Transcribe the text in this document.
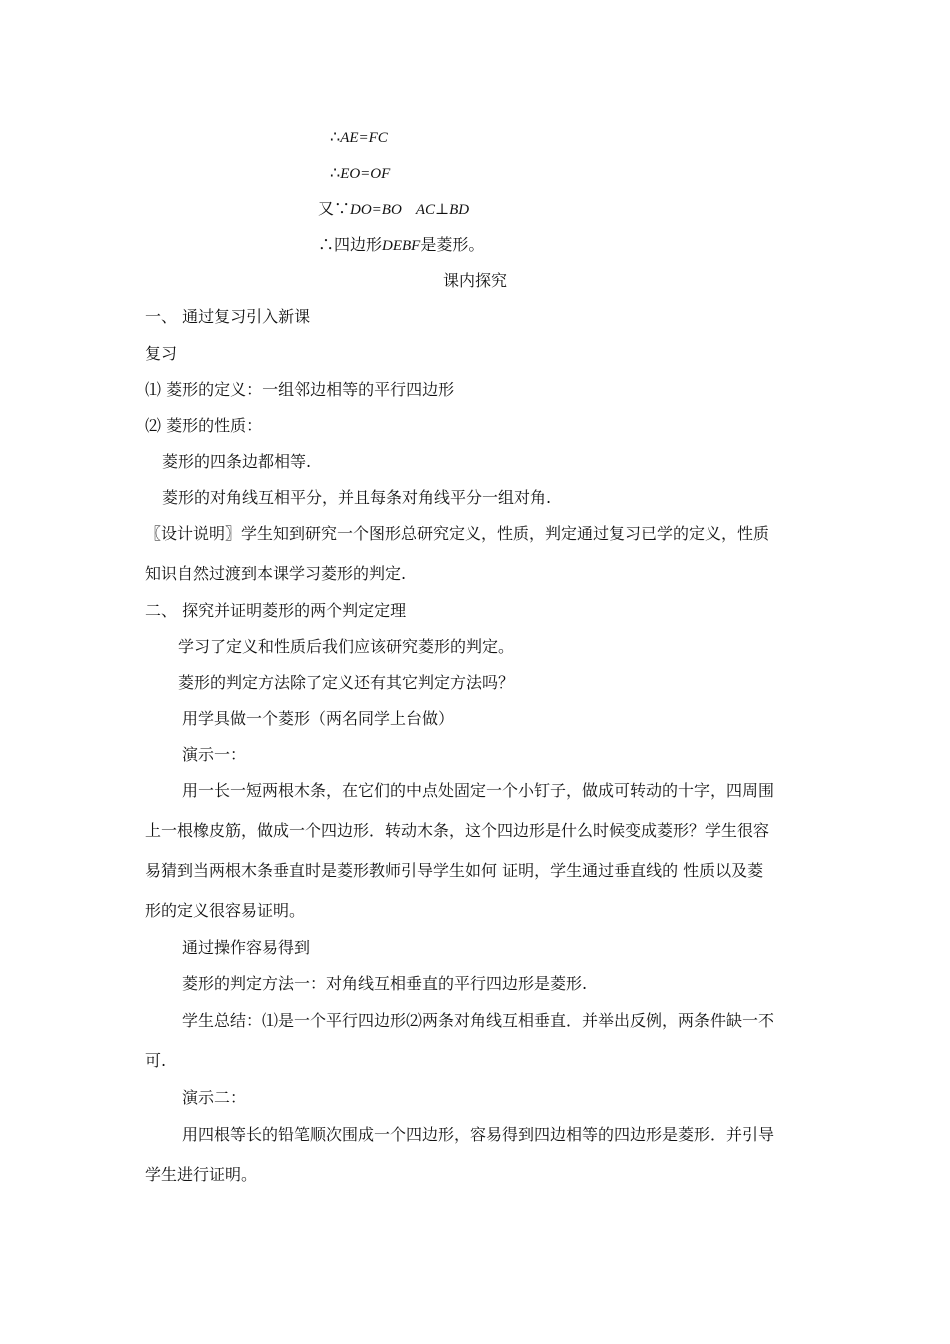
∴AE=FC
∴EO=OF
又∵DO=BO AC⊥BD
∴四边形DEBF是菱形。
课内探究
一、 通过复习引入新课
复习
⑴ 菱形的定义：一组邻边相等的平行四边形
⑵ 菱形的性质：
菱形的四条边都相等.
菱形的对角线互相平分，并且每条对角线平分一组对角.
〖设计说明〗学生知到研究一个图形总研究定义，性质，判定通过复习已学的定义，性质
知识自然过渡到本课学习菱形的判定.
二、 探究并证明菱形的两个判定定理
学习了定义和性质后我们应该研究菱形的判定。
菱形的判定方法除了定义还有其它判定方法吗？
用学具做一个菱形（两名同学上台做）
演示一：
用一长一短两根木条，在它们的中点处固定一个小钉子，做成可转动的十字，四周围
上一根橡皮筋，做成一个四边形．转动木条，这个四边形是什么时候变成菱形？学生很容
易猜到当两根木条垂直时是菱形教师引导学生如何 证明，学生通过垂直线的 性质以及菱
形的定义很容易证明。
通过操作容易得到
菱形的判定方法一：对角线互相垂直的平行四边形是菱形.
学生总结：⑴是一个平行四边形⑵两条对角线互相垂直．并举出反例，两条件缺一不
可.
演示二：
用四根等长的铅笔顺次围成一个四边形，容易得到四边相等的四边形是菱形．并引导
学生进行证明。
